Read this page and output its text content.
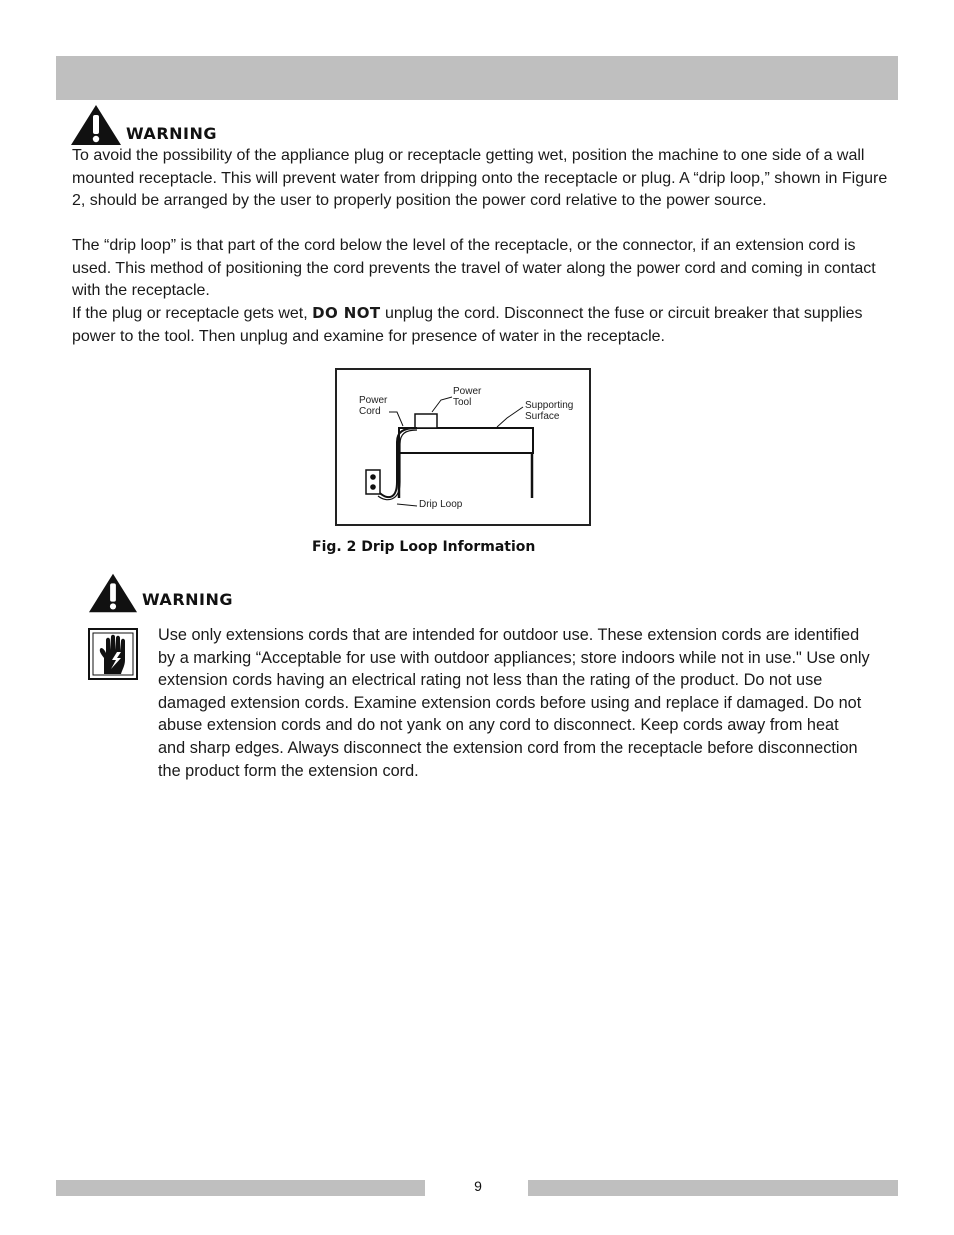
WARNING

To avoid the possibility of the appliance plug or receptacle getting wet, position the machine to one side of a wall mounted receptacle. This will prevent water from dripping onto the receptacle or plug. A “drip loop,” shown in Figure 2, should be arranged by the user to properly position the power cord relative to the power source.

The “drip loop” is that part of the cord below the level of the receptacle, or the connector, if an extension cord is used. This method of positioning the cord prevents the travel of water along the power cord and coming in contact with the receptacle.

If the plug or receptacle gets wet, DO NOT unplug the cord. Disconnect the fuse or circuit breaker that supplies power to the tool. Then unplug and examine for presence of water in the receptacle.

Power
Cord
Power
Tool	Supporting
Surface
Drip Loop
Fig. 2 Drip Loop Information
WARNING

Use only extensions cords that are intended for outdoor use. These extension cords are identified by a marking “Acceptable for use with outdoor appliances; store indoors while not in use." Use only extension cords having an electrical rating not less than the rating of the product. Do not use damaged extension cords. Examine extension cords before using and replace if damaged. Do not abuse extension cords and do not yank on any cord to disconnect. Keep cords away from heat and sharp edges. Always disconnect the extension cord from the receptacle before disconnection the product form the extension cord.

9
